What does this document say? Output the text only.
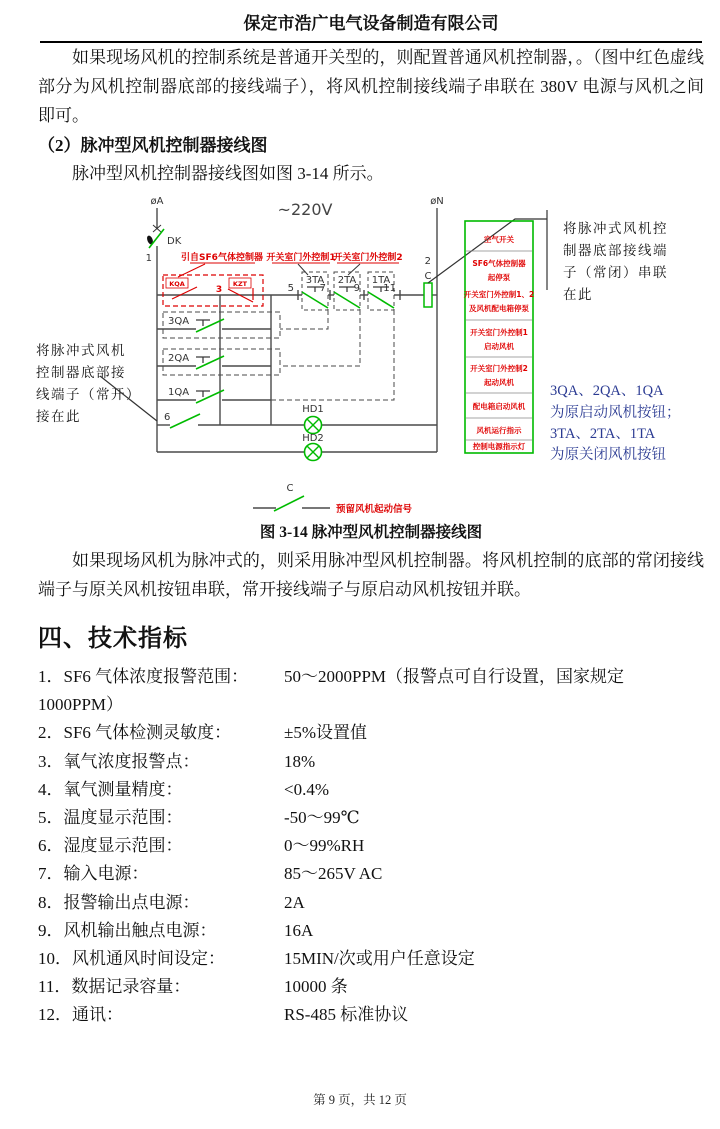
保定市浩广电气设备制造有限公司

如果现场风机的控制系统是普通开关型的，则配置普通风机控制器，。（图中红色虚线部分为风机控制器底部的接线端子），将风机控制接线端子串联在 380V 电源与风机之间即可。

（2）脉冲型风机控制器接线图

脉冲型风机控制器接线图如图 3-14 所示。

øA	øN
~220V
DK
1	2
KQA	KZT
3
引自SF6气体控制器 开关室门外控制1
开关室门外控制2
5	7	9 11
3TA 2TA 1TA	C
3QA
2QA
1QA
6
HD1
HD2
C
预留风机起动信号
空气开关
SF6气体控制器
起停泵
开关室门外控制1、2
及风机配电箱停泵
开关室门外控制1
启动风机
开关室门外控制2
起动风机
配电箱启动风机
风机运行指示
控制电源指示灯
将脉冲式风机控
制器底部接线端
子（常闭）串联
在此
3QA、2QA、1QA
为原启动风机按钮；
3TA、2TA、1TA
为原关闭风机按钮
将脉冲式风机
控制器底部接
线端子（常开）
接在此
图 3-14 脉冲型风机控制器接线图

如果现场风机为脉冲式的，则采用脉冲型风机控制器。将风机控制的底部的常闭接线端子与原关风机按钮串联，常开接线端子与原启动风机按钮并联。

四、技术指标
1．SF6 气体浓度报警范围： 50～2000PPM（报警点可自行设置，国家规定
1000PPM）
2．SF6 气体检测灵敏度：	±5%设置值
3．氧气浓度报警点：	18%
4．氧气测量精度：	<0.4%
5．温度显示范围：	-50～99℃
6．湿度显示范围：	0～99%RH
7．输入电源：	85～265V AC
8．报警输出点电源：	2A
9．风机输出触点电源：	16A
10．风机通风时间设定：	15MIN/次或用户任意设定
11．数据记录容量：	10000 条
12．通讯：	RS-485 标准协议
第 9 页，共 12 页
